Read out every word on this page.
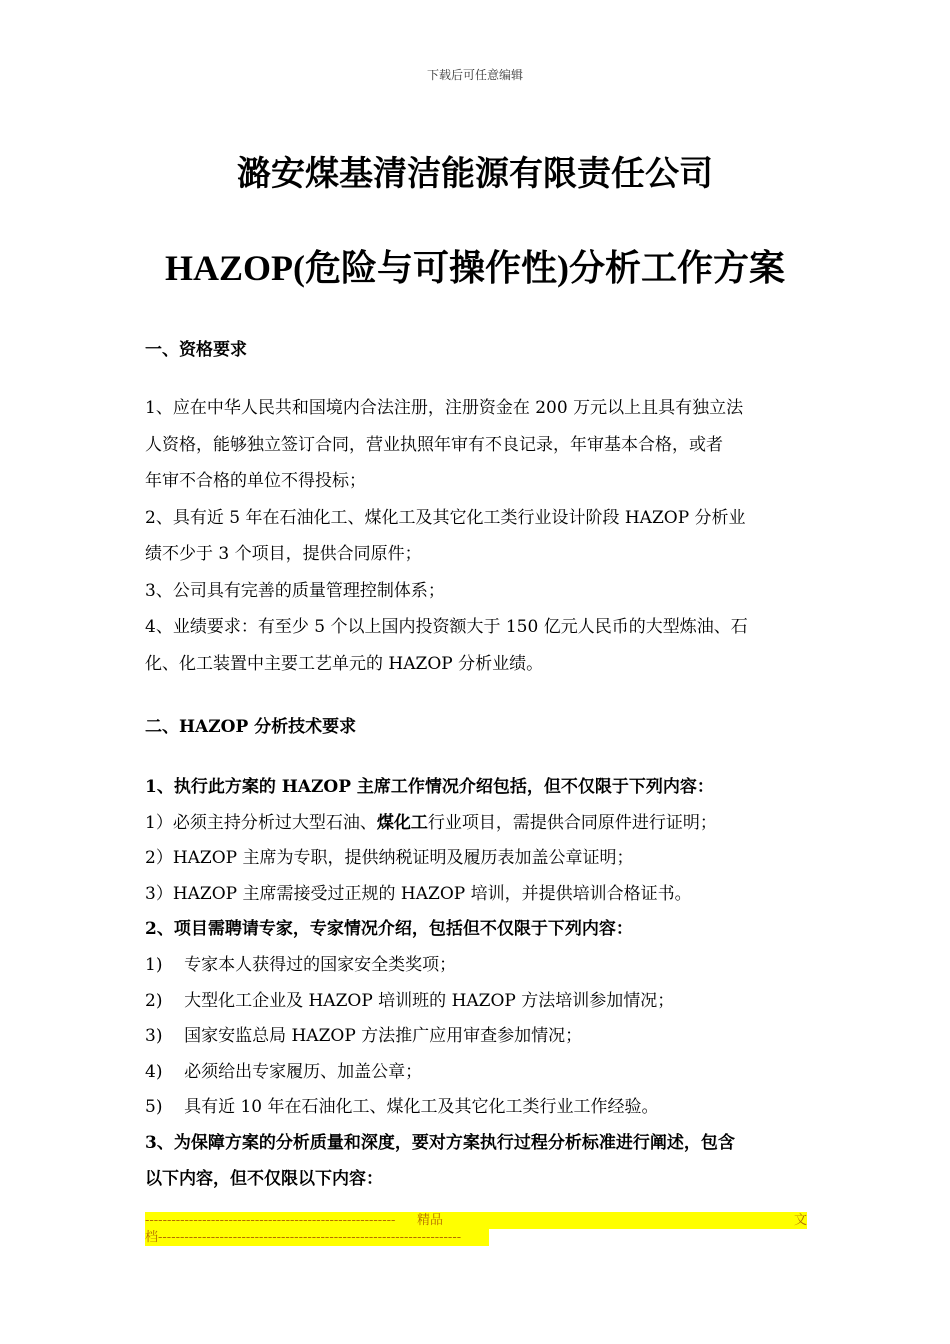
下载后可任意编辑
潞安煤基清洁能源有限责任公司
HAZOP(危险与可操作性)分析工作方案
一、资格要求
1、应在中华人民共和国境内合法注册，注册资金在 200 万元以上且具有独立法
人资格，能够独立签订合同，营业执照年审有不良记录，年审基本合格，或者
年审不合格的单位不得投标；
2、具有近 5 年在石油化工、煤化工及其它化工类行业设计阶段 HAZOP 分析业
绩不少于 3 个项目，提供合同原件；
3、公司具有完善的质量管理控制体系；
4、业绩要求：有至少 5 个以上国内投资额大于 150 亿元人民币的大型炼油、石
化、化工装置中主要工艺单元的 HAZOP 分析业绩。
二、HAZOP 分析技术要求
1、执行此方案的 HAZOP 主席工作情况介绍包括，但不仅限于下列内容：
1）必须主持分析过大型石油、煤化工行业项目，需提供合同原件进行证明；
2）HAZOP 主席为专职，提供纳税证明及履历表加盖公章证明；
3）HAZOP 主席需接受过正规的 HAZOP 培训，并提供培训合格证书。
2、项目需聘请专家，专家情况介绍，包括但不仅限于下列内容：
1)    专家本人获得过的国家安全类奖项；
2)    大型化工企业及 HAZOP 培训班的 HAZOP 方法培训参加情况；
3)    国家安监总局 HAZOP 方法推广应用审查参加情况；
4)    必须给出专家履历、加盖公章；
5)    具有近 10 年在石油化工、煤化工及其它化工类行业工作经验。
3、为保障方案的分析质量和深度，要对方案执行过程分析标准进行阐述，包含
以下内容，但不仅限以下内容：
---------------------------------------------------------	精 品	文
档---------------------------------------------------------------------
